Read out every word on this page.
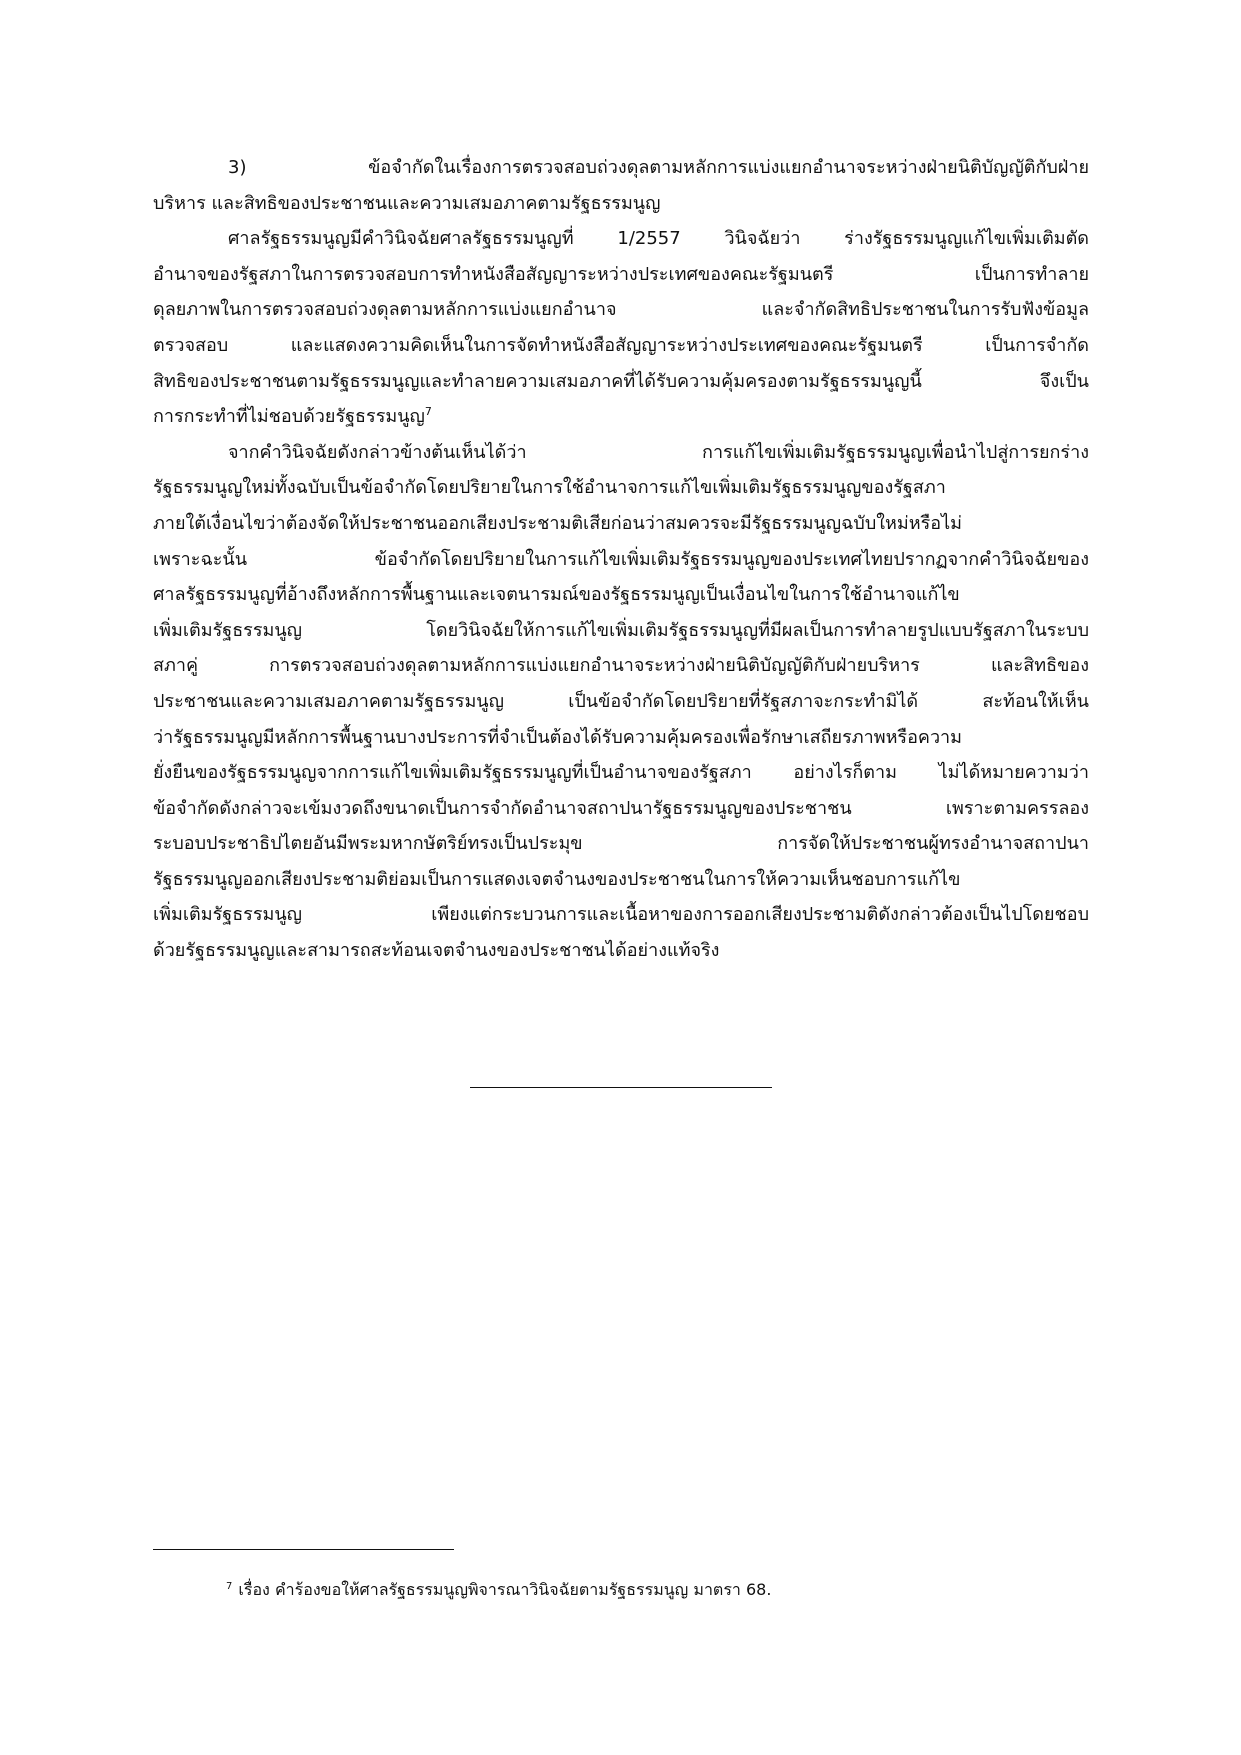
3) ข้อจำกัดในเรื่องการตรวจสอบถ่วงดุลตามหลักการแบ่งแยกอำนาจระหว่างฝ่ายนิติบัญญัติกับฝ่าย
บริหาร และสิทธิของประชาชนและความเสมอภาคตามรัฐธรรมนูญ
ศาลรัฐธรรมนูญมีคำวินิจฉัยศาลรัฐธรรมนูญที่ 1/2557 วินิจฉัยว่า ร่างรัฐธรรมนูญแก้ไขเพิ่มเติมตัด
อำนาจของรัฐสภาในการตรวจสอบการทำหนังสือสัญญาระหว่างประเทศของคณะรัฐมนตรี เป็นการทำลาย
ดุลยภาพในการตรวจสอบถ่วงดุลตามหลักการแบ่งแยกอำนาจ และจำกัดสิทธิประชาชนในการรับฟังข้อมูล
ตรวจสอบ และแสดงความคิดเห็นในการจัดทำหนังสือสัญญาระหว่างประเทศของคณะรัฐมนตรี เป็นการจำกัด
สิทธิของประชาชนตามรัฐธรรมนูญและทำลายความเสมอภาคที่ได้รับความคุ้มครองตามรัฐธรรมนูญนี้ จึงเป็น
การกระทำที่ไม่ชอบด้วยรัฐธรรมนูญ$^7$
จากคำวินิจฉัยดังกล่าวข้างต้นเห็นได้ว่า การแก้ไขเพิ่มเติมรัฐธรรมนูญเพื่อนำไปสู่การยกร่าง
รัฐธรรมนูญใหม่ทั้งฉบับเป็นข้อจำกัดโดยปริยายในการใช้อำนาจการแก้ไขเพิ่มเติมรัฐธรรมนูญของรัฐสภา
ภายใต้เงื่อนไขว่าต้องจัดให้ประชาชนออกเสียงประชามติเสียก่อนว่าสมควรจะมีรัฐธรรมนูญฉบับใหม่หรือไม่
เพราะฉะนั้น ข้อจำกัดโดยปริยายในการแก้ไขเพิ่มเติมรัฐธรรมนูญของประเทศไทยปรากฏจากคำวินิจฉัยของ
ศาลรัฐธรรมนูญที่อ้างถึงหลักการพื้นฐานและเจตนารมณ์ของรัฐธรรมนูญเป็นเงื่อนไขในการใช้อำนาจแก้ไข
เพิ่มเติมรัฐธรรมนูญ โดยวินิจฉัยให้การแก้ไขเพิ่มเติมรัฐธรรมนูญที่มีผลเป็นการทำลายรูปแบบรัฐสภาในระบบ
สภาคู่ การตรวจสอบถ่วงดุลตามหลักการแบ่งแยกอำนาจระหว่างฝ่ายนิติบัญญัติกับฝ่ายบริหาร และสิทธิของ
ประชาชนและความเสมอภาคตามรัฐธรรมนูญ เป็นข้อจำกัดโดยปริยายที่รัฐสภาจะกระทำมิได้ สะท้อนให้เห็น
ว่ารัฐธรรมนูญมีหลักการพื้นฐานบางประการที่จำเป็นต้องได้รับความคุ้มครองเพื่อรักษาเสถียรภาพหรือความ
ยั่งยืนของรัฐธรรมนูญจากการแก้ไขเพิ่มเติมรัฐธรรมนูญที่เป็นอำนาจของรัฐสภา อย่างไรก็ตาม ไม่ได้หมายความว่า
ข้อจำกัดดังกล่าวจะเข้มงวดถึงขนาดเป็นการจำกัดอำนาจสถาปนารัฐธรรมนูญของประชาชน เพราะตามครรลอง
ระบอบประชาธิปไตยอันมีพระมหากษัตริย์ทรงเป็นประมุข การจัดให้ประชาชนผู้ทรงอำนาจสถาปนา
รัฐธรรมนูญออกเสียงประชามติย่อมเป็นการแสดงเจตจำนงของประชาชนในการให้ความเห็นชอบการแก้ไข
เพิ่มเติมรัฐธรรมนูญ เพียงแต่กระบวนการและเนื้อหาของการออกเสียงประชามติดังกล่าวต้องเป็นไปโดยชอบ
ด้วยรัฐธรรมนูญและสามารถสะท้อนเจตจำนงของประชาชนได้อย่างแท้จริง
$^7$ เรื่อง คำร้องขอให้ศาลรัฐธรรมนูญพิจารณาวินิจฉัยตามรัฐธรรมนูญ มาตรา 68.
